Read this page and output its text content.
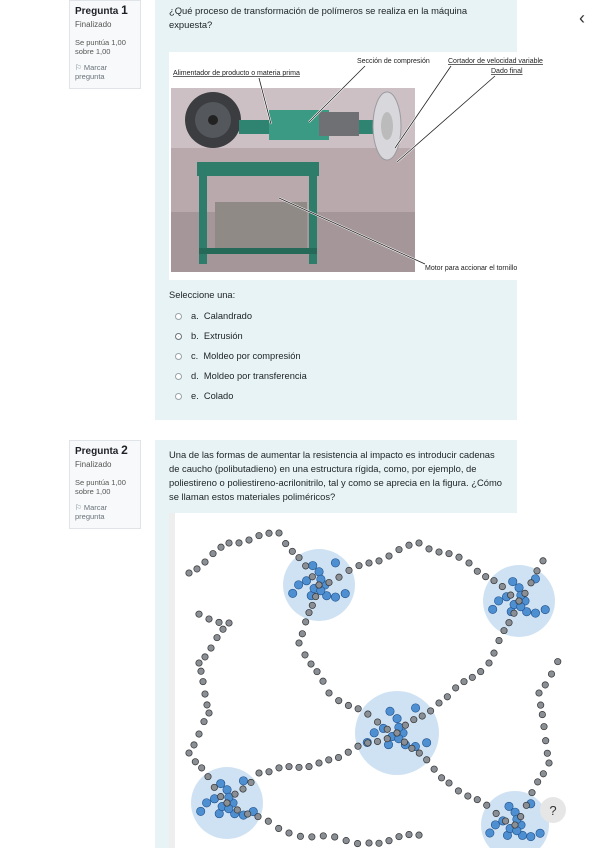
Pregunta 1
Finalizado
Se puntúa 1,00
sobre 1,00
⚐ Marcar
pregunta
¿Qué proceso de transformación de polímeros se realiza en la máquina expuesta?
Alimentador de producto o materia prima
Sección de compresión	Cortador de velocidad variable
Dado final
Motor para accionar el tornillo
Seleccione una:
a.  Calandrado
b.  Extrusión
c.  Moldeo por compresión
d.  Moldeo por transferencia
e.  Colado
‹
Pregunta 2
Finalizado
Se puntúa 1,00
sobre 1,00
⚐ Marcar
pregunta
Una de las formas de aumentar la resistencia al impacto es introducir cadenas de caucho (polibutadieno) en una estructura rígida, como, por ejemplo, de poliestireno o poliestireno-acrilonitrilo, tal y como se aprecia en la figura. ¿Cómo se llaman estos materiales poliméricos?
?
